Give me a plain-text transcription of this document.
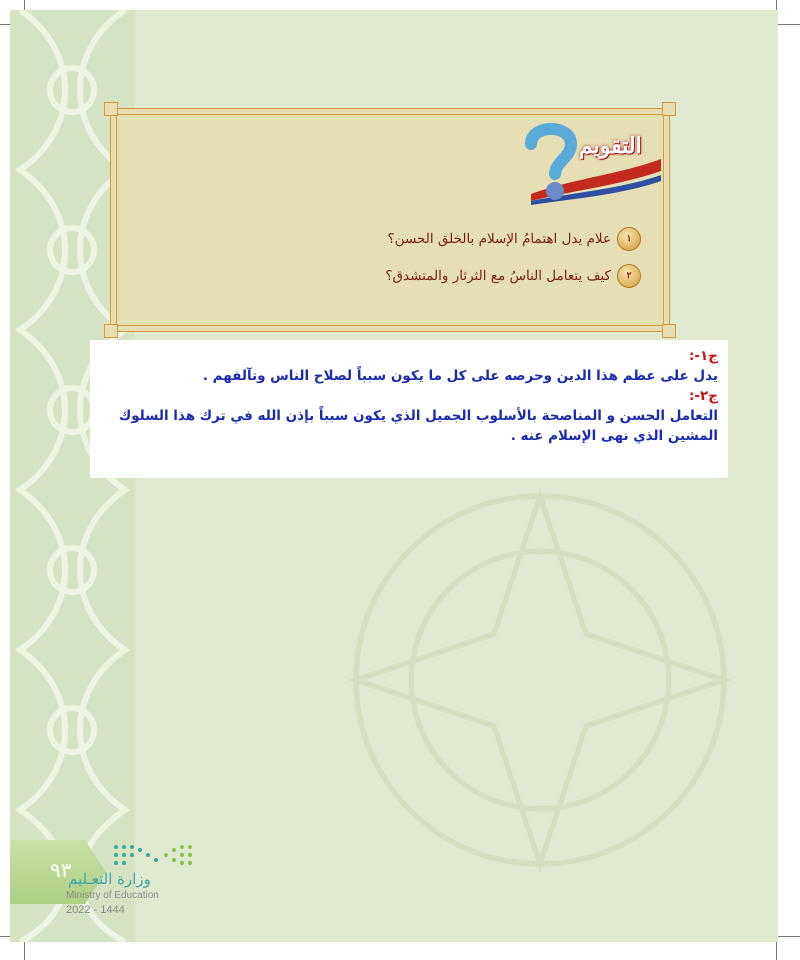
التقويم
١
علام يدل اهتمامُ الإسلام بالخلق الحسن؟
٢
كيف يتعامل الناسُ مع الثرثار والمتشدق؟

ج١-:

يدل على عظم هذا الدين وحرصه على كل ما يكون سبباً لصلاح الناس وتآلفهم .

ج٢-:

التعامل الحسن و المناصحة بالأسلوب الجميل الذي يكون سبباً بإذن الله في ترك هذا السلوك المشين الذي نهى الإسلام عنه .

٩٣
وزارة التعـليم
Ministry of Education
2022 - 1444
